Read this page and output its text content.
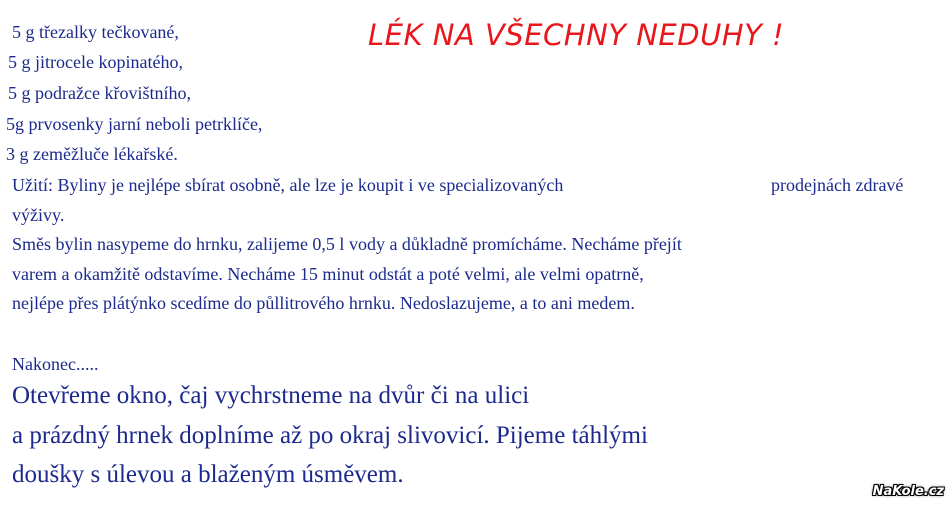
LÉK NA VŠECHNY NEDUHY !
5 g třezalky tečkované,
5 g jitrocele kopinatého,
5 g podražce křovištního,
5g prvosenky jarní neboli petrklíče,
3 g zeměžluče lékařské.
Užití: Byliny je nejlépe sbírat osobně, ale lze je koupit i ve specializovaných	prodejnách zdravé
výživy.
Směs bylin nasypeme do hrnku, zalijeme 0,5 l vody a důkladně promícháme. Necháme přejít
varem a okamžitě odstavíme. Necháme 15 minut odstát a poté velmi, ale velmi opatrně,
nejlépe přes plátýnko scedíme do půllitrového hrnku. Nedoslazujeme, a to ani medem.
Nakonec.....
Otevřeme okno, čaj vychrstneme na dvůr či na ulici
a prázdný hrnek doplníme až po okraj slivovicí. Pijeme táhlými
doušky s úlevou a blaženým úsměvem.
NaKole.cz
